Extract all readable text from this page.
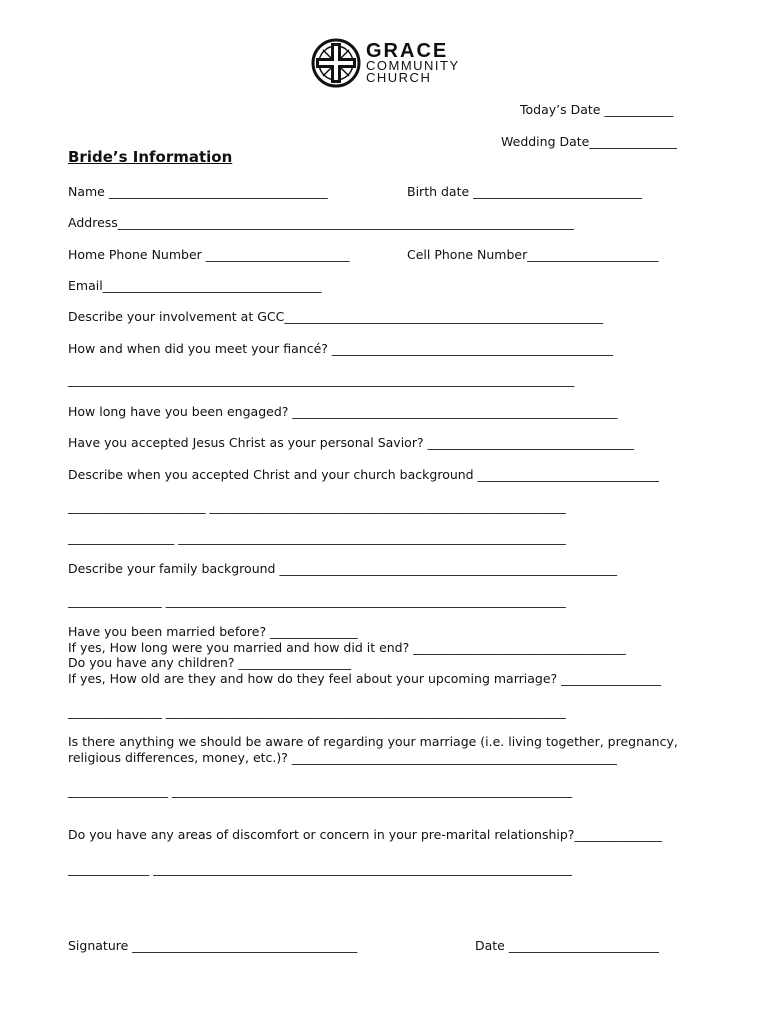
GRACE
COMMUNITY
CHURCH
Today’s Date ___________
Wedding Date______________
Bride’s Information
Name ___________________________________	Birth date ___________________________
Address_________________________________________________________________________
Home Phone Number _______________________	Cell Phone Number_____________________
Email___________________________________
Describe your involvement at GCC___________________________________________________
How and when did you meet your fiancé? _____________________________________________
_________________________________________________________________________________
How long have you been engaged? ____________________________________________________
Have you accepted Jesus Christ as your personal Savior? _________________________________
Describe when you accepted Christ and your church background _____________________________
______________________ _________________________________________________________
_________________ ______________________________________________________________
Describe your family background ______________________________________________________
_______________ ________________________________________________________________
Have you been married before? ______________
If yes, How long were you married and how did it end? __________________________________
Do you have any children? __________________
If yes, How old are they and how do they feel about your upcoming marriage? ________________
_______________ ________________________________________________________________
Is there anything we should be aware of regarding your marriage (i.e. living together, pregnancy,
religious differences, money, etc.)? ____________________________________________________
________________ ________________________________________________________________
Do you have any areas of discomfort or concern in your pre-marital relationship?______________
_____________ ___________________________________________________________________
Signature ____________________________________	Date ________________________
